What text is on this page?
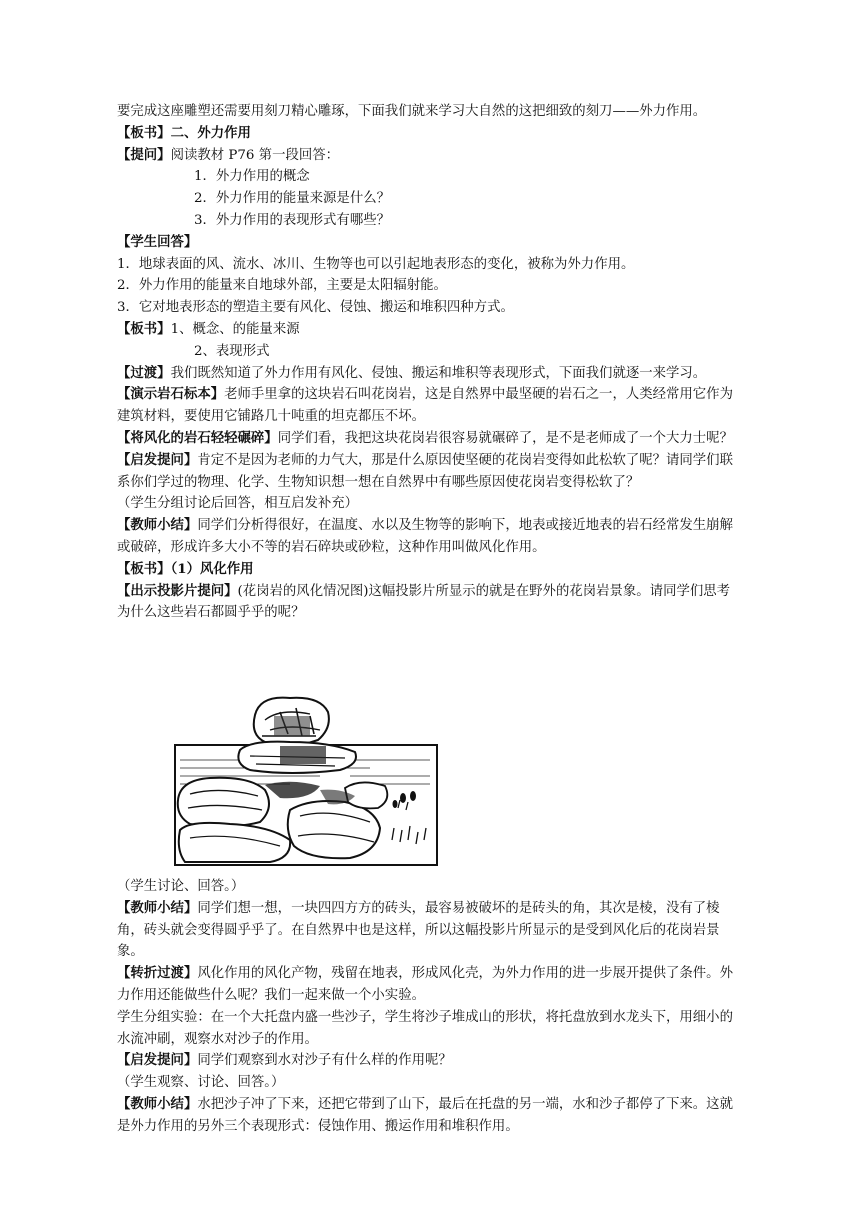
要完成这座雕塑还需要用刻刀精心雕琢，下面我们就来学习大自然的这把细致的刻刀——外力作用。

【板书】二、外力作用

【提问】阅读教材 P76 第一段回答：

1．外力作用的概念

2．外力作用的能量来源是什么？

3．外力作用的表现形式有哪些？

【学生回答】

1．地球表面的风、流水、冰川、生物等也可以引起地表形态的变化，被称为外力作用。

2．外力作用的能量来自地球外部，主要是太阳辐射能。

3．它对地表形态的塑造主要有风化、侵蚀、搬运和堆积四种方式。

【板书】1、概念、的能量来源

2、表现形式

【过渡】我们既然知道了外力作用有风化、侵蚀、搬运和堆积等表现形式，下面我们就逐一来学习。

【演示岩石标本】老师手里拿的这块岩石叫花岗岩，这是自然界中最坚硬的岩石之一，人类经常用它作为建筑材料，要使用它铺路几十吨重的坦克都压不坏。

【将风化的岩石轻轻碾碎】同学们看，我把这块花岗岩很容易就碾碎了，是不是老师成了一个大力士呢？

【启发提问】肯定不是因为老师的力气大，那是什么原因使坚硬的花岗岩变得如此松软了呢？请同学们联系你们学过的物理、化学、生物知识想一想在自然界中有哪些原因使花岗岩变得松软了？

（学生分组讨论后回答，相互启发补充）

【教师小结】同学们分析得很好，在温度、水以及生物等的影响下，地表或接近地表的岩石经常发生崩解或破碎，形成许多大小不等的岩石碎块或砂粒，这种作用叫做风化作用。

【板书】（1）风化作用

【出示投影片提问】(花岗岩的风化情况图)这幅投影片所显示的就是在野外的花岗岩景象。请同学们思考为什么这些岩石都圆乎乎的呢？

（学生讨论、回答。）

【教师小结】同学们想一想，一块四四方方的砖头，最容易被破坏的是砖头的角，其次是棱，没有了棱角，砖头就会变得圆乎乎了。在自然界中也是这样，所以这幅投影片所显示的是受到风化后的花岗岩景象。

【转折过渡】风化作用的风化产物，残留在地表，形成风化壳，为外力作用的进一步展开提供了条件。外力作用还能做些什么呢？我们一起来做一个小实验。

学生分组实验：在一个大托盘内盛一些沙子，学生将沙子堆成山的形状，将托盘放到水龙头下，用细小的水流冲刷，观察水对沙子的作用。

【启发提问】同学们观察到水对沙子有什么样的作用呢？

（学生观察、讨论、回答。）

【教师小结】水把沙子冲了下来，还把它带到了山下，最后在托盘的另一端，水和沙子都停了下来。这就是外力作用的另外三个表现形式：侵蚀作用、搬运作用和堆积作用。
